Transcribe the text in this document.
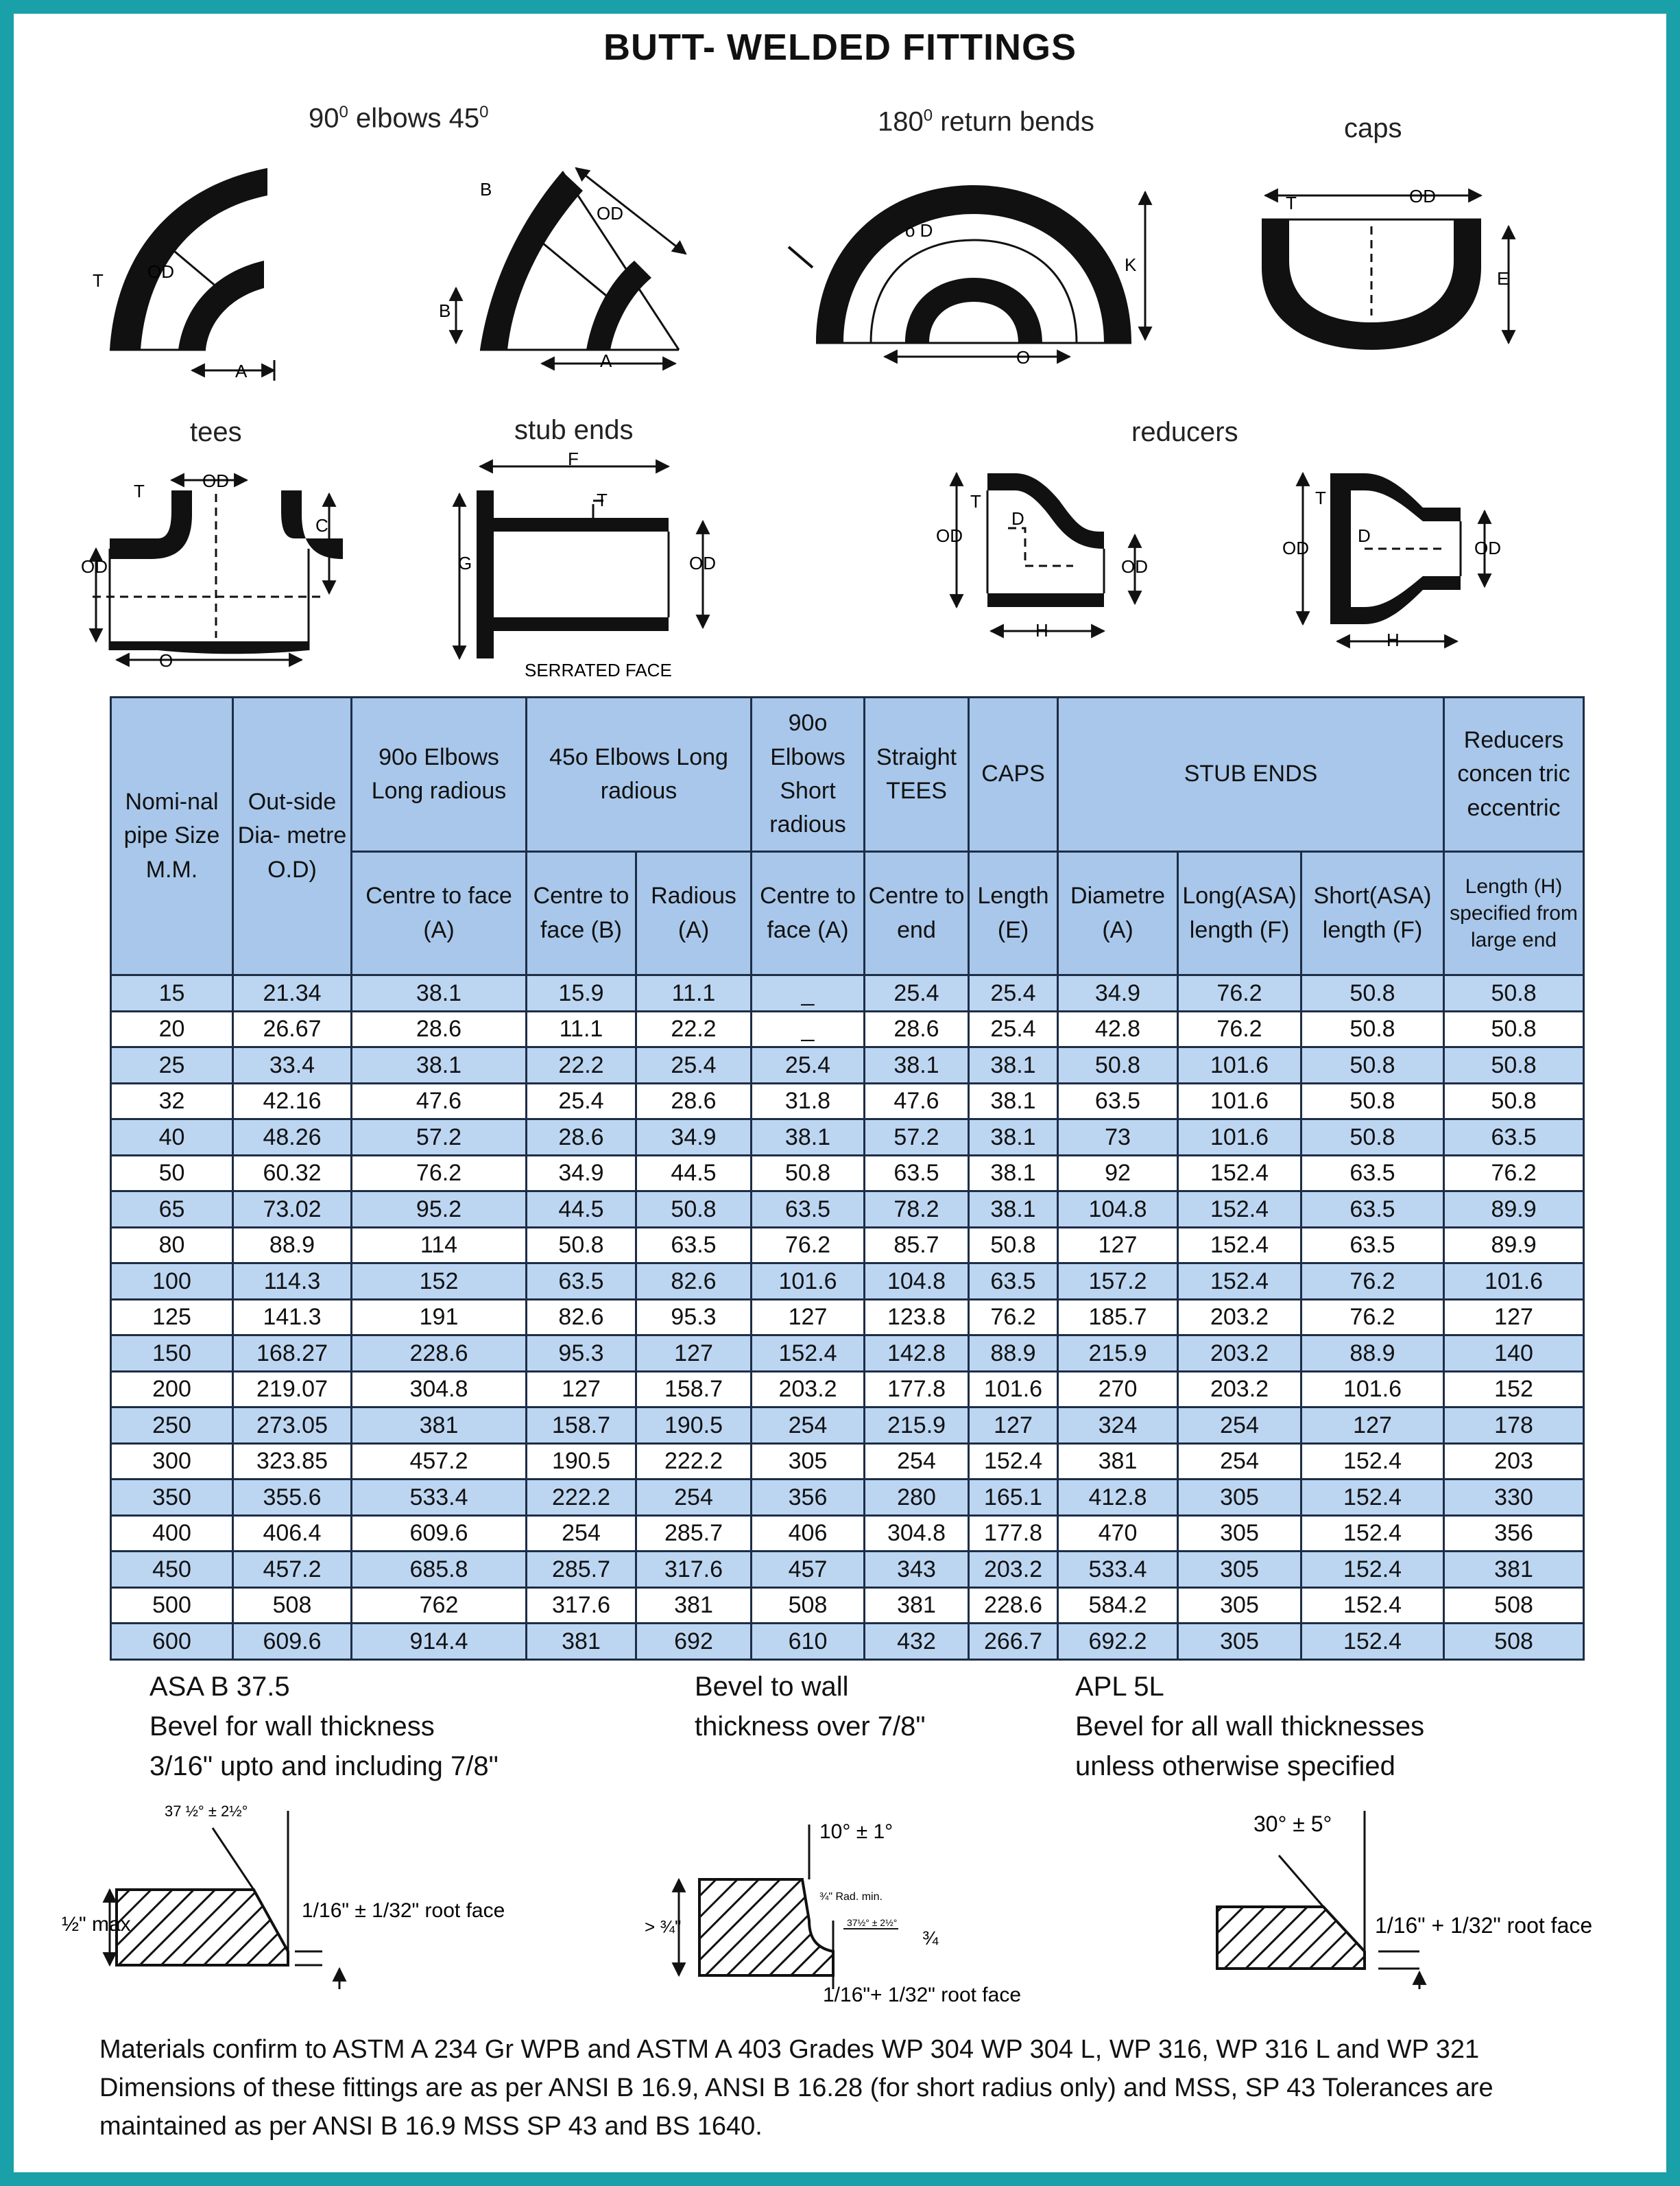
BUTT- WELDED FITTINGS
$90^0$ elbows $45^0$	$180^0$ return bends	caps
tees	stub ends	reducers
OD
T
A
B
B
OD
A
K
O
o D
OD
T
E
OD
T
OD
C
O
F
T
G	OD
SERRATED FACE
OD
OD
T
D
H
OD	OD
T
D
H
Nomi-nal pipe Size M.M.	Out-side Dia- metre O.D)	90o Elbows Long radious	45o Elbows Long radious		90o Elbows Short radious	Straight TEES	CAPS	STUB ENDS			Reducers concen tric eccentric
		Centre to face (A)	Centre to face (B)	Radious (A)	Centre to face (A)	Centre to end	Length (E)	Diametre (A)	Long(ASA) length (F)	Short(ASA) length (F)	Length (H) specified from large end
15	21.34	38.1	15.9	11.1	_	25.4	25.4	34.9	76.2	50.8	50.8
20	26.67	28.6	11.1	22.2	_	28.6	25.4	42.8	76.2	50.8	50.8
25	33.4	38.1	22.2	25.4	25.4	38.1	38.1	50.8	101.6	50.8	50.8
32	42.16	47.6	25.4	28.6	31.8	47.6	38.1	63.5	101.6	50.8	50.8
40	48.26	57.2	28.6	34.9	38.1	57.2	38.1	73	101.6	50.8	63.5
50	60.32	76.2	34.9	44.5	50.8	63.5	38.1	92	152.4	63.5	76.2
65	73.02	95.2	44.5	50.8	63.5	78.2	38.1	104.8	152.4	63.5	89.9
80	88.9	114	50.8	63.5	76.2	85.7	50.8	127	152.4	63.5	89.9
100	114.3	152	63.5	82.6	101.6	104.8	63.5	157.2	152.4	76.2	101.6
125	141.3	191	82.6	95.3	127	123.8	76.2	185.7	203.2	76.2	127
150	168.27	228.6	95.3	127	152.4	142.8	88.9	215.9	203.2	88.9	140
200	219.07	304.8	127	158.7	203.2	177.8	101.6	270	203.2	101.6	152
250	273.05	381	158.7	190.5	254	215.9	127	324	254	127	178
300	323.85	457.2	190.5	222.2	305	254	152.4	381	254	152.4	203
350	355.6	533.4	222.2	254	356	280	165.1	412.8	305	152.4	330
400	406.4	609.6	254	285.7	406	304.8	177.8	470	305	152.4	356
450	457.2	685.8	285.7	317.6	457	343	203.2	533.4	305	152.4	381
500	508	762	317.6	381	508	381	228.6	584.2	305	152.4	508
600	609.6	914.4	381	692	610	432	266.7	692.2	305	152.4	508
ASA B 37.5
Bevel for wall thickness
3/16" upto and including 7/8"
Bevel to wall
thickness over 7/8"
APL 5L
Bevel for all wall thicknesses
unless otherwise specified
37 ½° ± 2½°
½" max
1/16" ± 1/32" root face
10° ± 1°
¾" Rad. min.
37½° ± 2½°
¾
> ¾"
1/16"+ 1/32" root face
30° ± 5°
1/16" + 1/32" root face
Materials confirm to ASTM A 234 Gr WPB and ASTM A 403 Grades WP 304 WP 304 L, WP 316, WP 316 L and WP 321 Dimensions of these fittings are as per ANSI B 16.9, ANSI B 16.28 (for short radius only) and MSS, SP 43 Tolerances are maintained as per ANSI B 16.9 MSS SP 43 and BS 1640.
